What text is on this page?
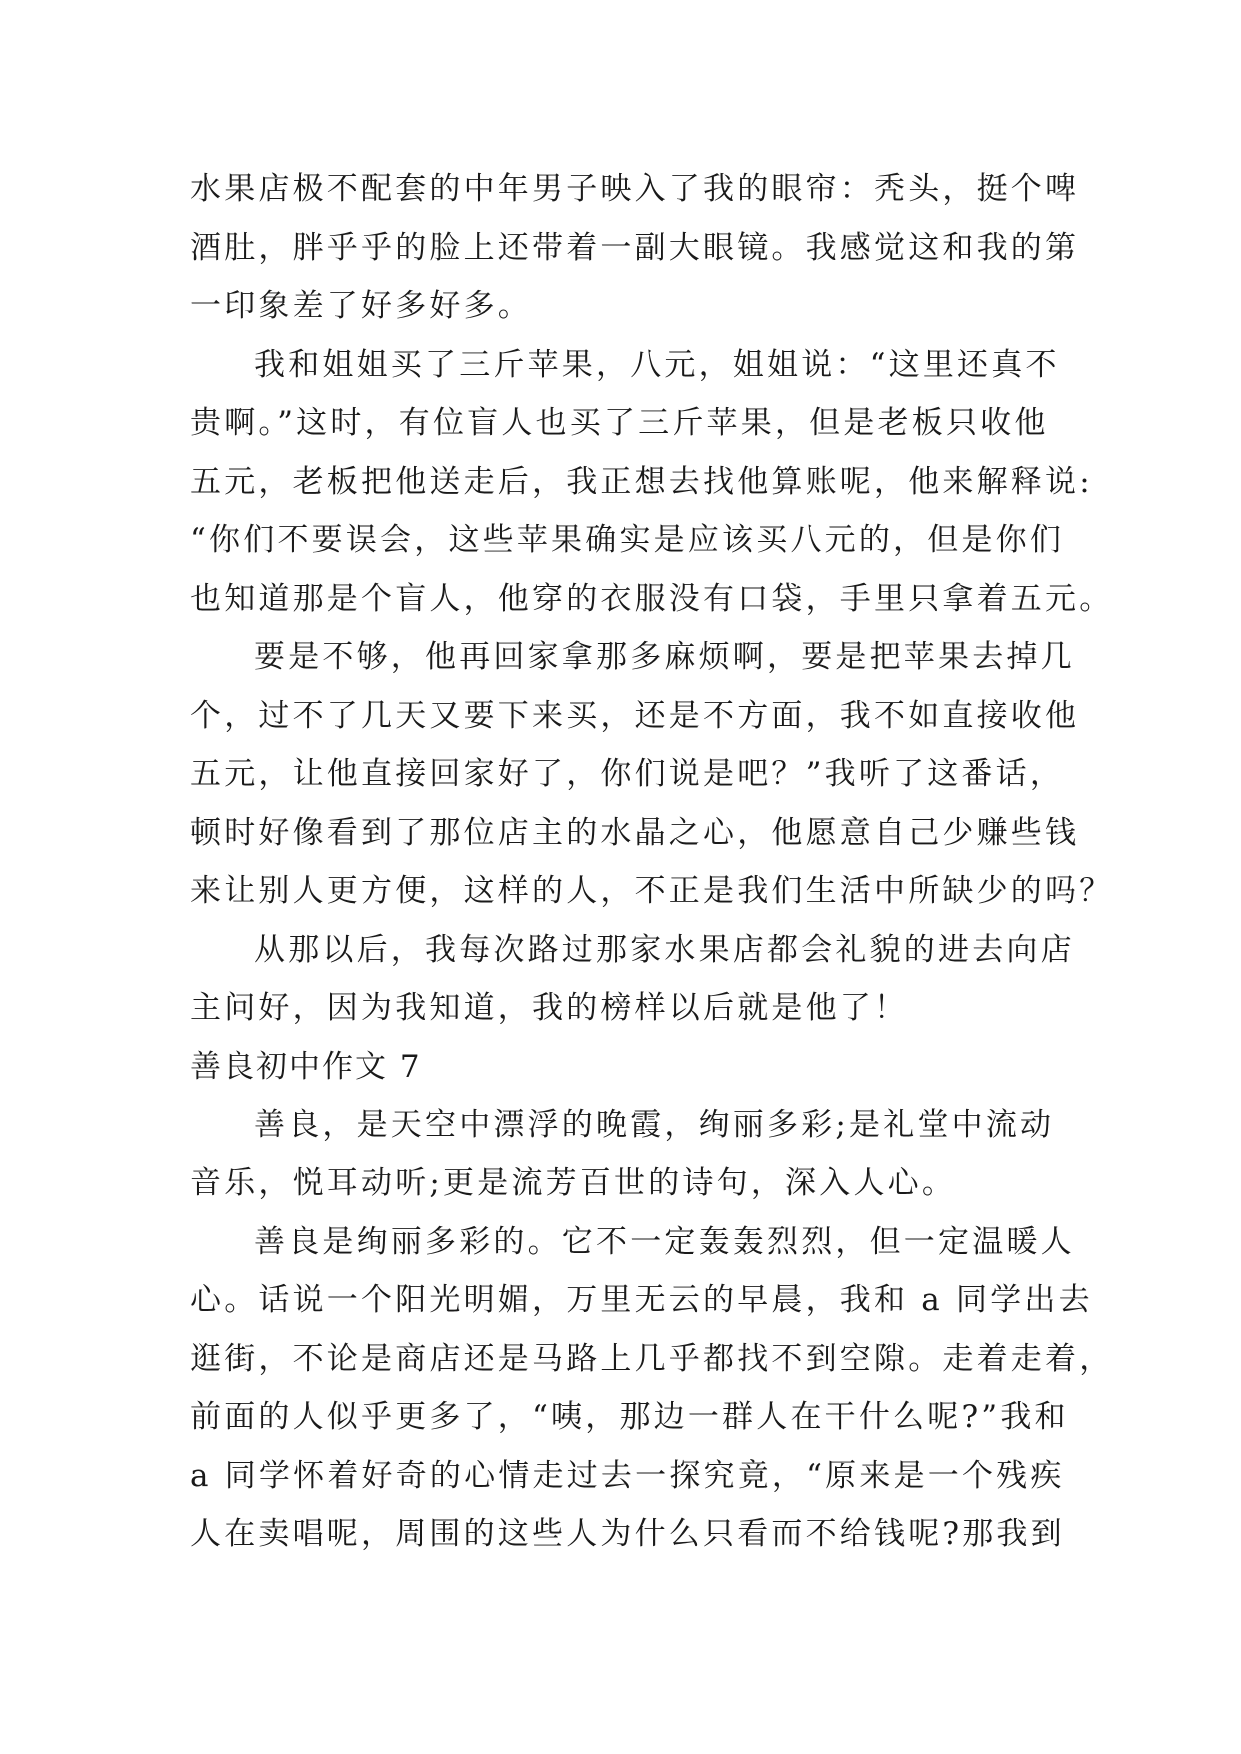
水果店极不配套的中年男子映入了我的眼帘：秃头，挺个啤
酒肚，胖乎乎的脸上还带着一副大眼镜。我感觉这和我的第
一印象差了好多好多。
我和姐姐买了三斤苹果，八元，姐姐说：“这里还真不
贵啊。”这时，有位盲人也买了三斤苹果，但是老板只收他
五元，老板把他送走后，我正想去找他算账呢，他来解释说:
“你们不要误会，这些苹果确实是应该买八元的，但是你们
也知道那是个盲人，他穿的衣服没有口袋，手里只拿着五元。
要是不够，他再回家拿那多麻烦啊，要是把苹果去掉几
个，过不了几天又要下来买，还是不方面，我不如直接收他
五元，让他直接回家好了，你们说是吧？”我听了这番话，
顿时好像看到了那位店主的水晶之心，他愿意自己少赚些钱
来让别人更方便，这样的人，不正是我们生活中所缺少的吗？
从那以后，我每次路过那家水果店都会礼貌的进去向店
主问好，因为我知道，我的榜样以后就是他了！
善良初中作文 7
善良，是天空中漂浮的晚霞，绚丽多彩;是礼堂中流动
音乐，悦耳动听;更是流芳百世的诗句，深入人心。
善良是绚丽多彩的。它不一定轰轰烈烈，但一定温暖人
心。话说一个阳光明媚，万里无云的早晨，我和 a 同学出去
逛街，不论是商店还是马路上几乎都找不到空隙。走着走着，
前面的人似乎更多了，“咦，那边一群人在干什么呢?”我和
a 同学怀着好奇的心情走过去一探究竟，“原来是一个残疾
人在卖唱呢，周围的这些人为什么只看而不给钱呢?那我到
